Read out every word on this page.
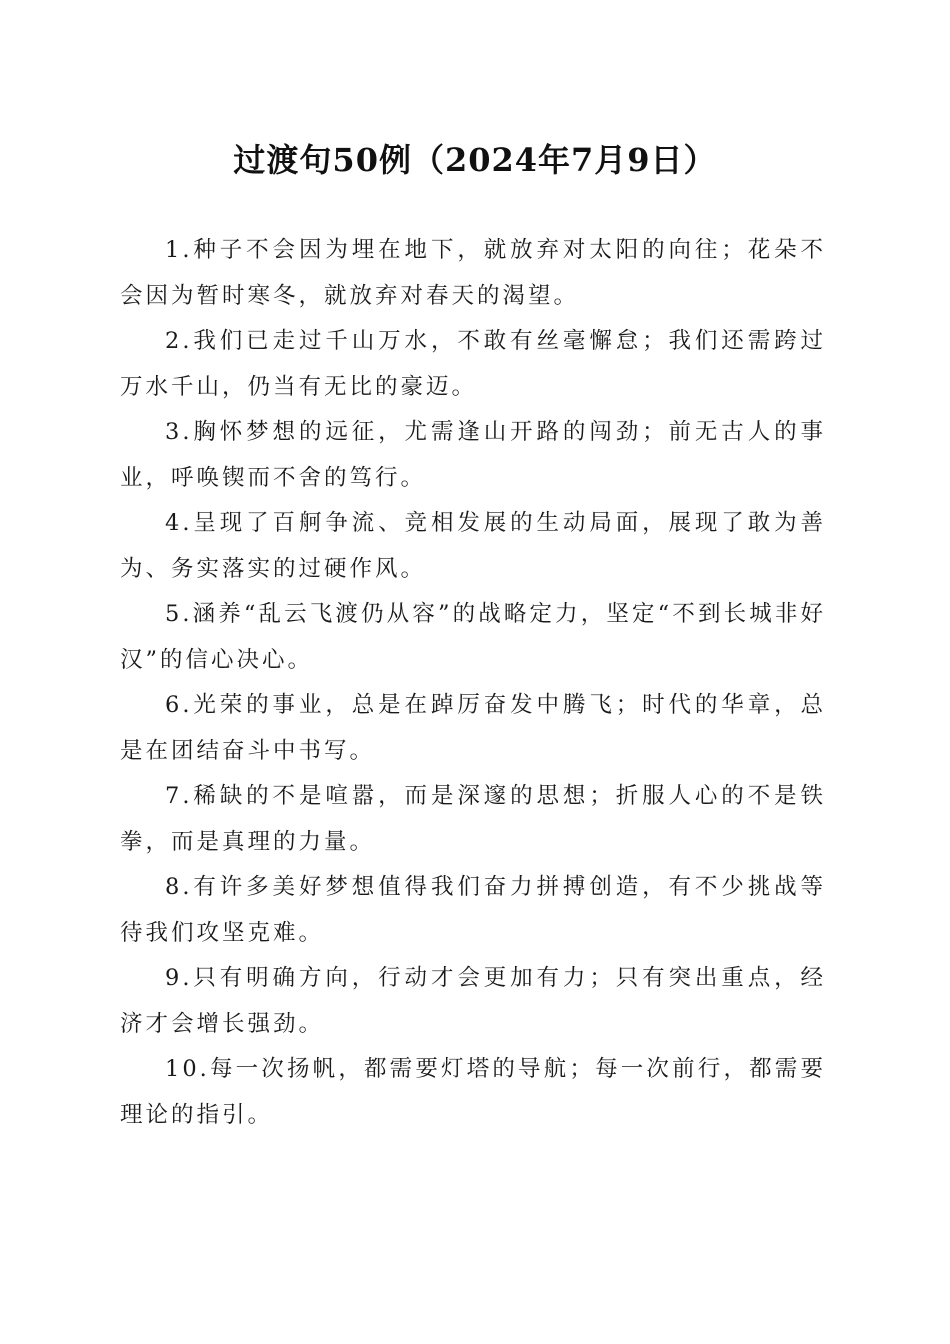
过渡句50例（2024年7月9日）

1.种子不会因为埋在地下，就放弃对太阳的向往；花朵不会因为暂时寒冬，就放弃对春天的渴望。

2.我们已走过千山万水，不敢有丝毫懈怠；我们还需跨过万水千山，仍当有无比的豪迈。

3.胸怀梦想的远征，尤需逢山开路的闯劲；前无古人的事业，呼唤锲而不舍的笃行。

4.呈现了百舸争流、竞相发展的生动局面，展现了敢为善为、务实落实的过硬作风。

5.涵养“乱云飞渡仍从容”的战略定力，坚定“不到长城非好汉”的信心决心。

6.光荣的事业，总是在踔厉奋发中腾飞；时代的华章，总是在团结奋斗中书写。

7.稀缺的不是喧嚣，而是深邃的思想；折服人心的不是铁拳，而是真理的力量。

8.有许多美好梦想值得我们奋力拼搏创造，有不少挑战等待我们攻坚克难。

9.只有明确方向，行动才会更加有力；只有突出重点，经济才会增长强劲。

10.每一次扬帆，都需要灯塔的导航；每一次前行，都需要理论的指引。
